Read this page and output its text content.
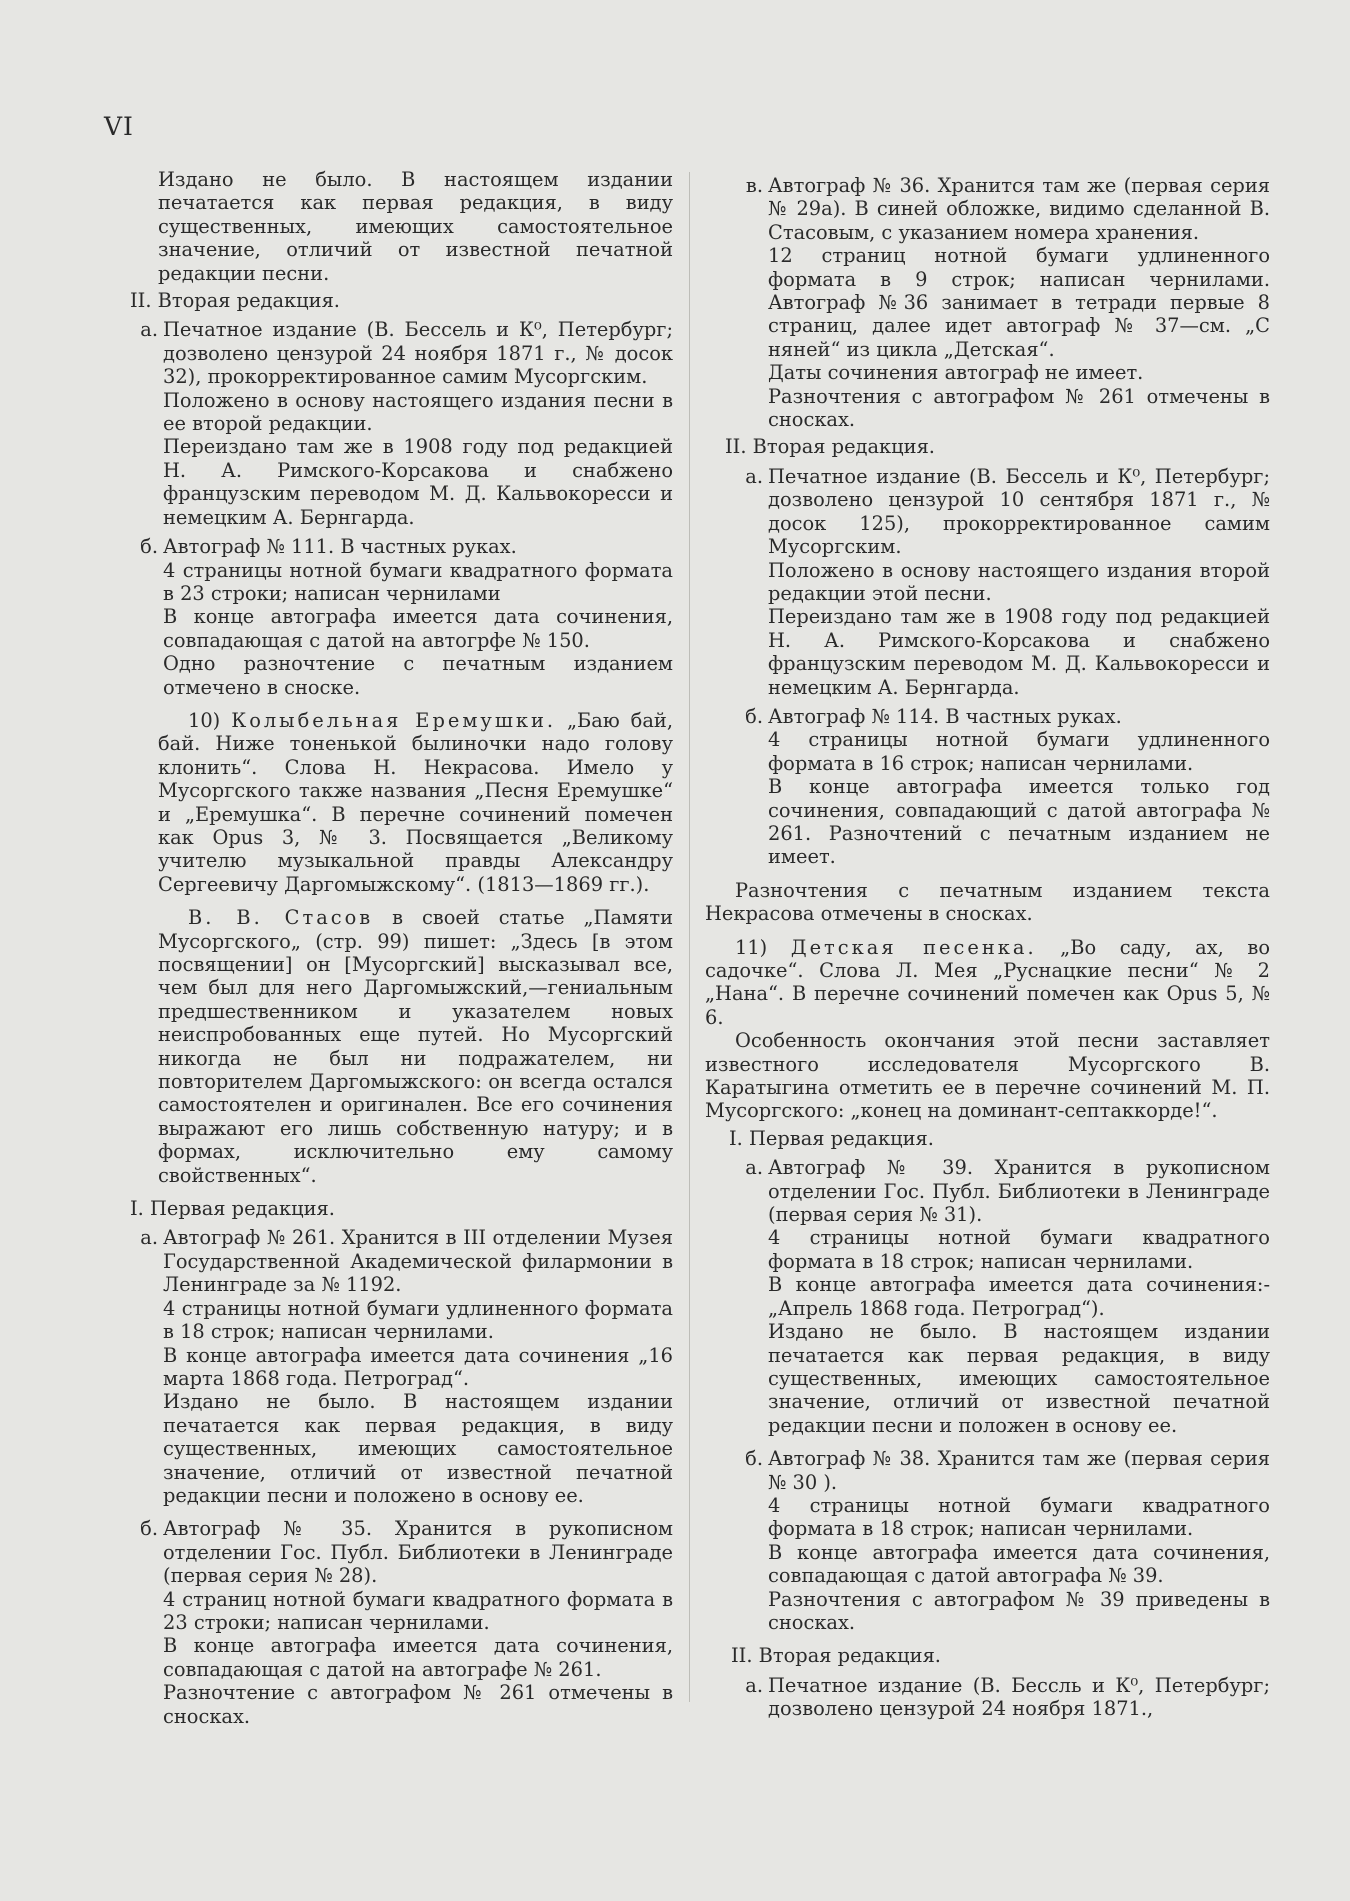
VI

Издано не было. В настоящем издании печатается как первая редакция, в виду существенных, имеющих самостоятельное значение, отличий от известной печатной редакции песни.

II. Вторая редакция.

а. Печатное издание (В. Бессель и К⁰, Петербург; дозволено цензурой 24 ноября 1871 г., № досок 32), прокорректированное самим Мусоргским.
Положено в основу настоящего издания песни в ее второй редакции.
Переиздано там же в 1908 году под редакцией Н. А. Римского-Корсакова и снабжено французским переводом М. Д. Кальвокоресси и немецким А. Бернгарда.
б. Автограф № 111. В частных руках.
4 страницы нотной бумаги квадратного формата в 23 строки; написан чернилами
В конце автографа имеется дата сочинения, совпадающая с датой на автогрфе № 150.
Одно разночтение с печатным изданием отмечено в сноске.

10) Колыбельная Еремушки. „Баю бай, бай. Ниже тоненькой былиночки надо голову клонить“. Слова Н. Некрасова. Имело у Мусоргского также названия „Песня Еремушке“ и „Еремушка“. В перечне сочинений помечен как Opus 3, № 3. Посвящается „Великому учителю музыкальной правды Александру Сергеевичу Даргомыжскому“. (1813—1869 гг.).

В. В. Стасов в своей статье „Памяти Мусоргского„ (стр. 99) пишет: „Здесь [в этом посвящении] он [Мусоргский] высказывал все, чем был для него Даргомыжский,—гениальным предшественником и указателем новых неиспробованных еще путей. Но Мусоргский никогда не был ни подражателем, ни повторителем Даргомыжского: он всегда остался самостоятелен и оригинален. Все его сочинения выражают его лишь собственную натуру; и в формах, исключительно ему самому свойственных“.

I. Первая редакция.

а. Автограф № 261. Хранится в III отделении Музея Государственной Академической филармонии в Ленинграде за № 1192.
4 страницы нотной бумаги удлиненного формата в 18 строк; написан чернилами.
В конце автографа имеется дата сочинения „16 марта 1868 года. Петроград“.
Издано не было. В настоящем издании печатается как первая редакция, в виду существенных, имеющих самостоятельное значение, отличий от известной печатной редакции песни и положено в основу ее.
б. Автограф № 35. Хранится в рукописном отделении Гос. Публ. Библиотеки в Ленинграде (первая серия № 28).
4 страниц нотной бумаги квадратного формата в 23 строки; написан чернилами.
В конце автографа имеется дата сочинения, совпадающая с датой на автографе № 261.
Разночтение с автографом № 261 отмечены в сносках.
в. Автограф № 36. Хранится там же (первая серия № 29а). В синей обложке, видимо сделанной В. Стасовым, с указанием номера хранения.
12 страниц нотной бумаги удлиненного формата в 9 строк; написан чернилами. Автограф №36 занимает в тетради первые 8 страниц, далее идет автограф № 37—см. „С няней“ из цикла „Детская“.
Даты сочинения автограф не имеет.
Разночтения с автографом № 261 отмечены в сносках.

II. Вторая редакция.

а. Печатное издание (В. Бессель и К⁰, Петербург; дозволено цензурой 10 сентября 1871 г., № досок 125), прокорректированное самим Мусоргским.
Положено в основу настоящего издания второй редакции этой песни.
Переиздано там же в 1908 году под редакцией Н. А. Римского-Корсакова и снабжено французским переводом М. Д. Кальвокоресси и немецким А. Бернгарда.
б. Автограф № 114. В частных руках.
4 страницы нотной бумаги удлиненного формата в 16 строк; написан чернилами.
В конце автографа имеется только год сочинения, совпадающий с датой автографа № 261. Разночтений с печатным изданием не имеет.

Разночтения с печатным изданием текста Некрасова отмечены в сносках.

11) Детская песенка. „Во саду, ах, во садочке“. Слова Л. Мея „Руснацкие песни“ № 2 „Нана“. В перечне сочинений помечен как Opus 5, № 6.

Особенность окончания этой песни заставляет известного исследователя Мусоргского В. Каратыгина отметить ее в перечне сочинений М. П. Мусоргского: „конец на доминант-септаккорде!“.

I. Первая редакция.

а. Автограф № 39. Хранится в рукописном отделении Гос. Публ. Библиотеки в Ленинграде (первая серия № 31).
4 страницы нотной бумаги квадратного формата в 18 строк; написан чернилами.
В конце автографа имеется дата сочинения:- „Апрель 1868 года. Петроград“).
Издано не было. В настоящем издании печатается как первая редакция, в виду существенных, имеющих самостоятельное значение, отличий от известной печатной редакции песни и положен в основу ее.
б. Автограф № 38. Хранится там же (первая серия № 30 ).
4 страницы нотной бумаги квадратного формата в 18 строк; написан чернилами.
В конце автографа имеется дата сочинения, совпадающая с датой автографа № 39.
Разночтения с автографом № 39 приведены в сносках.

II. Вторая редакция.

а. Печатное издание (В. Бессль и К⁰, Петербург; дозволено цензурой 24 ноября 1871.,
